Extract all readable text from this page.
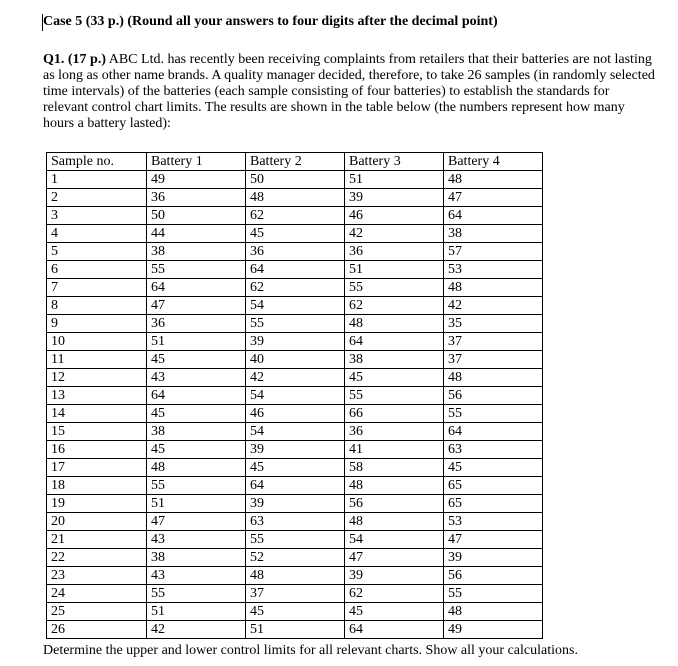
Case 5 (33 p.) (Round all your answers to four digits after the decimal point)
Q1. (17 p.) ABC Ltd. has recently been receiving complaints from retailers that their batteries are not lasting as long as other name brands. A quality manager decided, therefore, to take 26 samples (in randomly selected time intervals) of the batteries (each sample consisting of four batteries) to establish the standards for relevant control chart limits. The results are shown in the table below (the numbers represent how many hours a battery lasted):
Sample no.	Battery 1	Battery 2	Battery 3	Battery 4
1	49	50	51	48
2	36	48	39	47
3	50	62	46	64
4	44	45	42	38
5	38	36	36	57
6	55	64	51	53
7	64	62	55	48
8	47	54	62	42
9	36	55	48	35
10	51	39	64	37
11	45	40	38	37
12	43	42	45	48
13	64	54	55	56
14	45	46	66	55
15	38	54	36	64
16	45	39	41	63
17	48	45	58	45
18	55	64	48	65
19	51	39	56	65
20	47	63	48	53
21	43	55	54	47
22	38	52	47	39
23	43	48	39	56
24	55	37	62	55
25	51	45	45	48
26	42	51	64	49
Determine the upper and lower control limits for all relevant charts. Show all your calculations.
